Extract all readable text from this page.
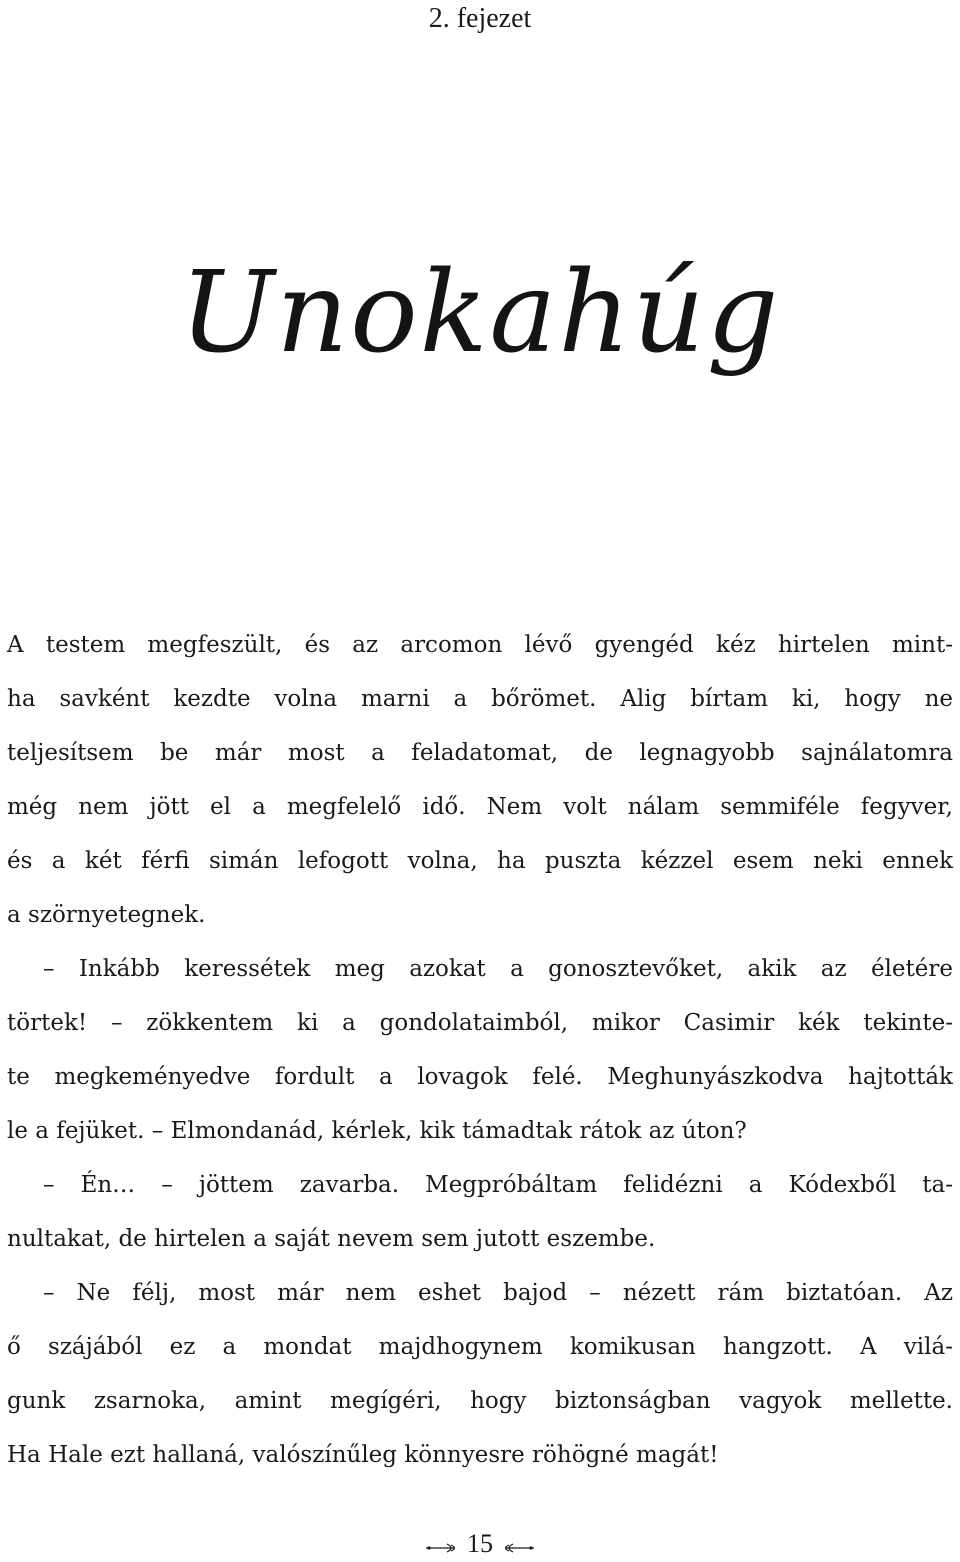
2. fejezet
Unokahúg
A testem megfeszült, és az arcomon lévő gyengéd kéz hirtelen mint-
ha savként kezdte volna marni a bőrömet. Alig bírtam ki, hogy ne
teljesítsem be már most a feladatomat, de legnagyobb sajnálatomra
még nem jött el a megfelelő idő. Nem volt nálam semmiféle fegyver,
és a két férfi simán lefogott volna, ha puszta kézzel esem neki ennek
a szörnyetegnek.
– Inkább keressétek meg azokat a gonosztevőket, akik az életére
törtek! – zökkentem ki a gondolataimból, mikor Casimir kék tekinte-
te megkeményedve fordult a lovagok felé. Meghunyászkodva hajtották
le a fejüket. – Elmondanád, kérlek, kik támadtak rátok az úton?
– Én… – jöttem zavarba. Megpróbáltam felidézni a Kódexből ta-
nultakat, de hirtelen a saját nevem sem jutott eszembe.
– Ne félj, most már nem eshet bajod – nézett rám biztatóan. Az
ő szájából ez a mondat majdhogynem komikusan hangzott. A vilá-
gunk zsarnoka, amint megígéri, hogy biztonságban vagyok mellette.
Ha Hale ezt hallaná, valószínűleg könnyesre röhögné magát!
15
